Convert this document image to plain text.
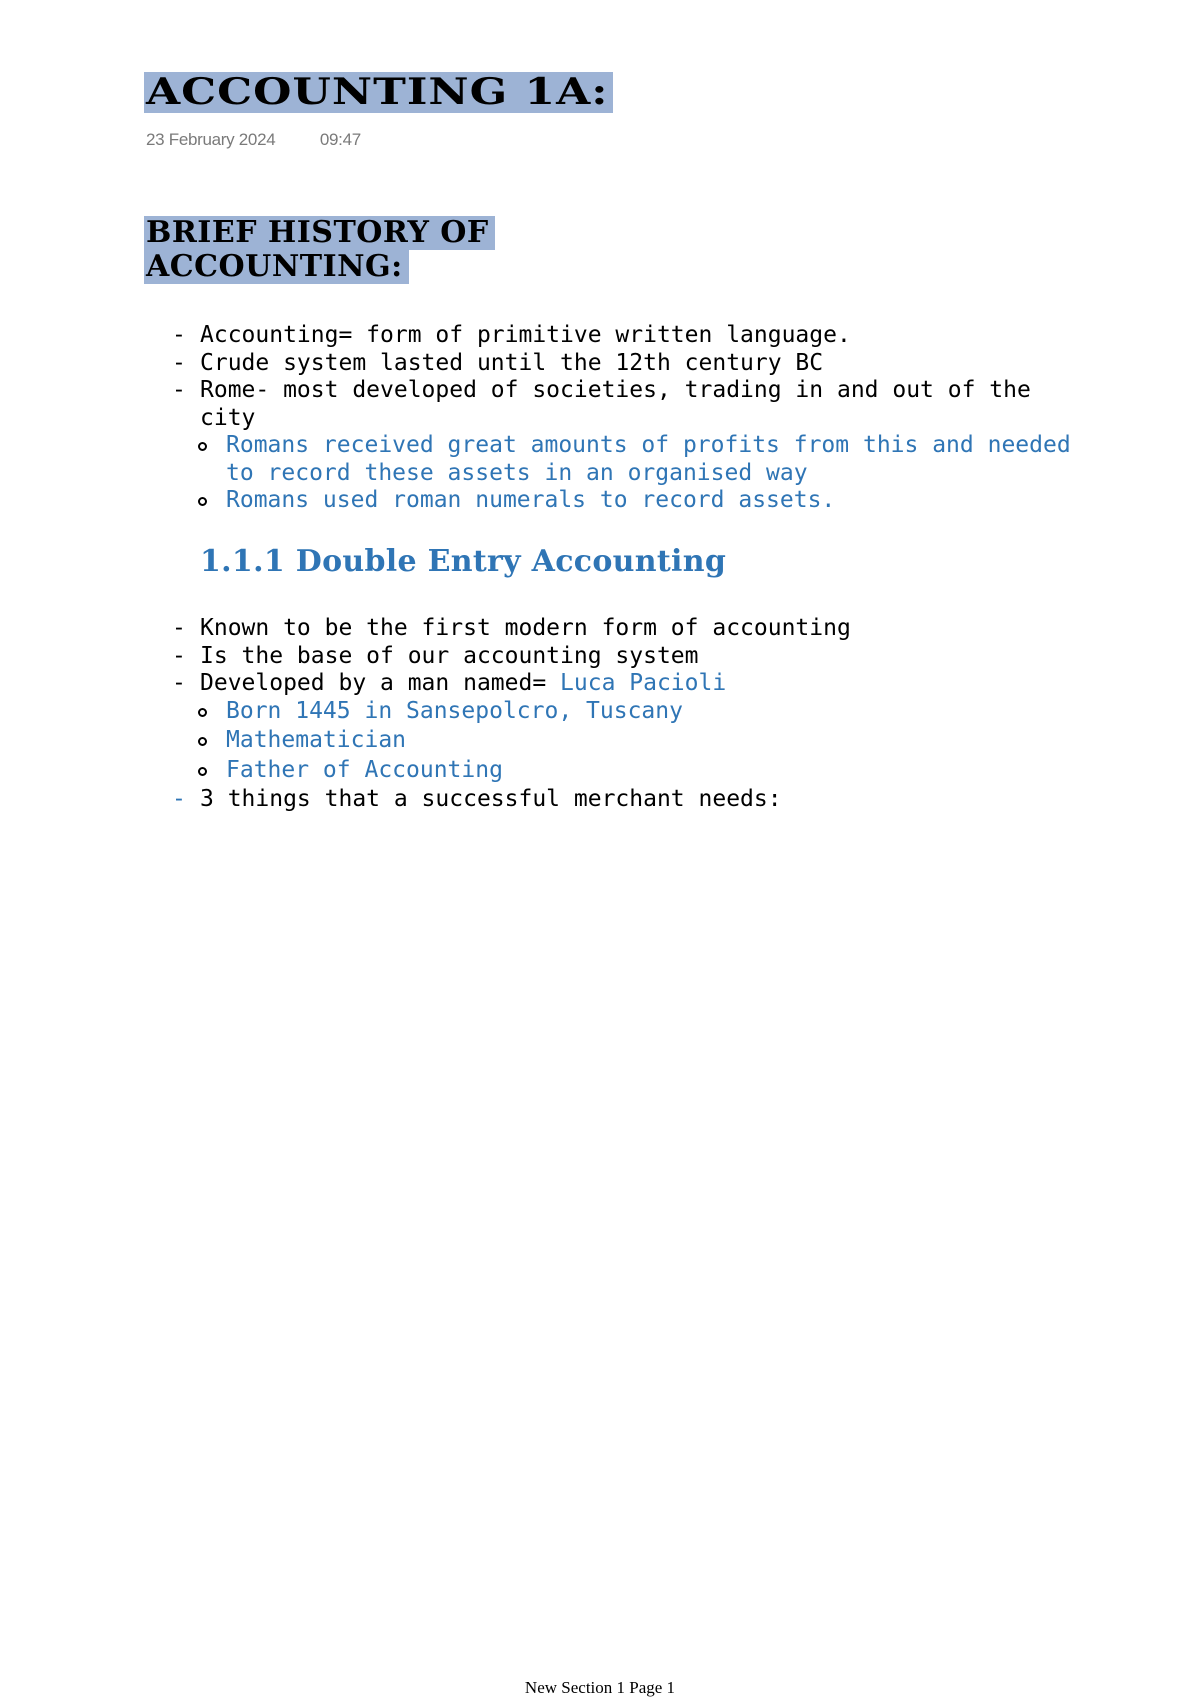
ACCOUNTING 1A:
23 February 2024	09:47
BRIEF HISTORY OF
ACCOUNTING:
- Accounting= form of primitive written language.
- Crude system lasted until the 12th century BC
- Rome- most developed of societies, trading in and out of the city
Romans received great amounts of profits from this and needed to record these assets in an organised way
Romans used roman numerals to record assets.
1.1.1 Double Entry Accounting
- Known to be the first modern form of accounting
- Is the base of our accounting system
- Developed by a man named= Luca Pacioli
Born 1445 in Sansepolcro, Tuscany
Mathematician
Father of Accounting
- 3 things that a successful merchant needs:
New Section 1 Page 1
